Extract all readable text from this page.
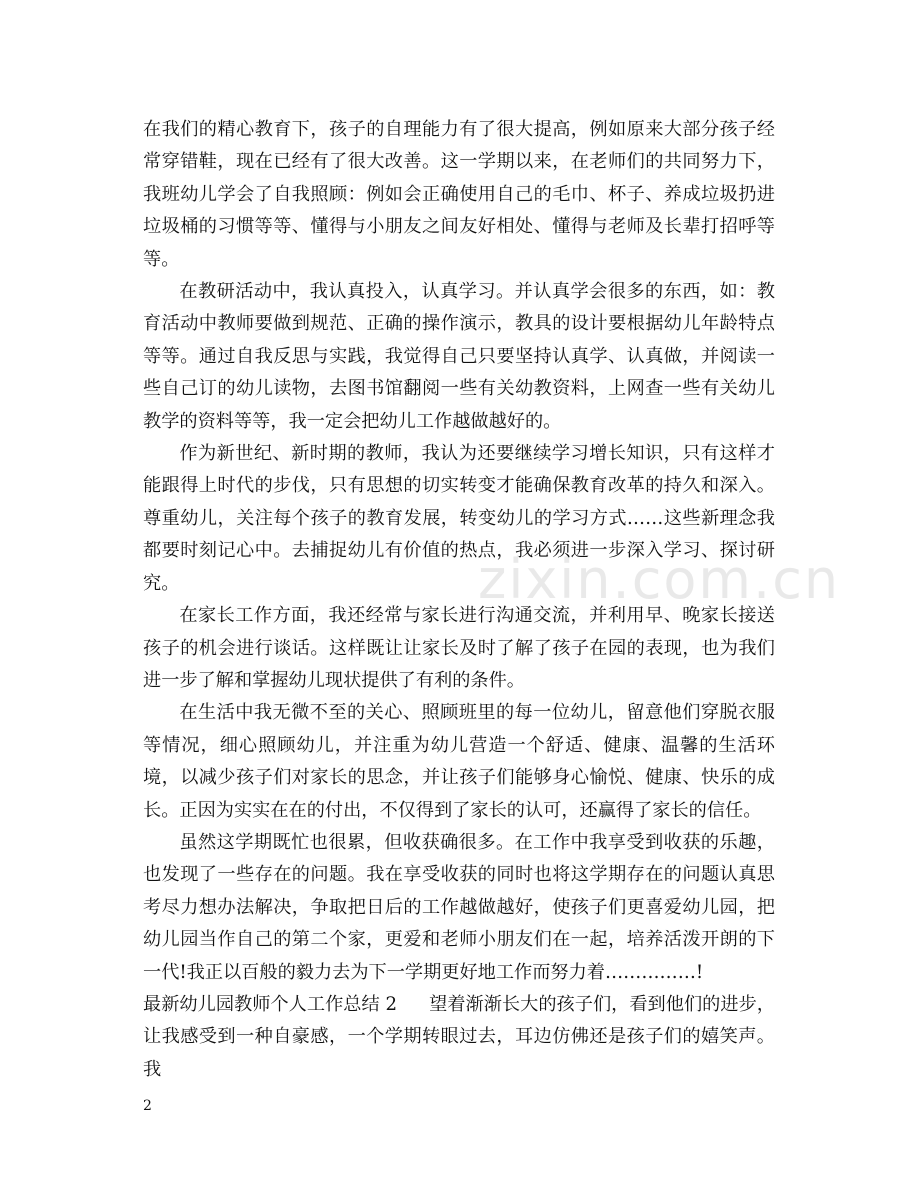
zixin.com.cn

在我们的精心教育下，孩子的自理能力有了很大提高，例如原来大部分孩子经常穿错鞋，现在已经有了很大改善。这一学期以来，在老师们的共同努力下，我班幼儿学会了自我照顾：例如会正确使用自己的毛巾、杯子、养成垃圾扔进垃圾桶的习惯等等、懂得与小朋友之间友好相处、懂得与老师及长辈打招呼等等。

在教研活动中，我认真投入，认真学习。并认真学会很多的东西，如：教育活动中教师要做到规范、正确的操作演示，教具的设计要根据幼儿年龄特点等等。通过自我反思与实践，我觉得自己只要坚持认真学、认真做，并阅读一些自己订的幼儿读物，去图书馆翻阅一些有关幼教资料，上网查一些有关幼儿教学的资料等等，我一定会把幼儿工作越做越好的。

作为新世纪、新时期的教师，我认为还要继续学习增长知识，只有这样才能跟得上时代的步伐，只有思想的切实转变才能确保教育改革的持久和深入。尊重幼儿，关注每个孩子的教育发展，转变幼儿的学习方式……这些新理念我都要时刻记心中。去捕捉幼儿有价值的热点，我必须进一步深入学习、探讨研究。

在家长工作方面，我还经常与家长进行沟通交流，并利用早、晚家长接送孩子的机会进行谈话。这样既让让家长及时了解了孩子在园的表现，也为我们进一步了解和掌握幼儿现状提供了有利的条件。

在生活中我无微不至的关心、照顾班里的每一位幼儿，留意他们穿脱衣服等情况，细心照顾幼儿，并注重为幼儿营造一个舒适、健康、温馨的生活环境，以减少孩子们对家长的思念，并让孩子们能够身心愉悦、健康、快乐的成长。正因为实实在在的付出，不仅得到了家长的认可，还赢得了家长的信任。

虽然这学期既忙也很累，但收获确很多。在工作中我享受到收获的乐趣，也发现了一些存在的问题。我在享受收获的同时也将这学期存在的问题认真思考尽力想办法解决，争取把日后的工作越做越好，使孩子们更喜爱幼儿园，把幼儿园当作自己的第二个家，更爱和老师小朋友们在一起，培养活泼开朗的下一代!我正以百般的毅力去为下一学期更好地工作而努力着……………!

最新幼儿园教师个人工作总结 2 望着渐渐长大的孩子们，看到他们的进步，让我感受到一种自豪感，一个学期转眼过去，耳边仿佛还是孩子们的嬉笑声。我

2
